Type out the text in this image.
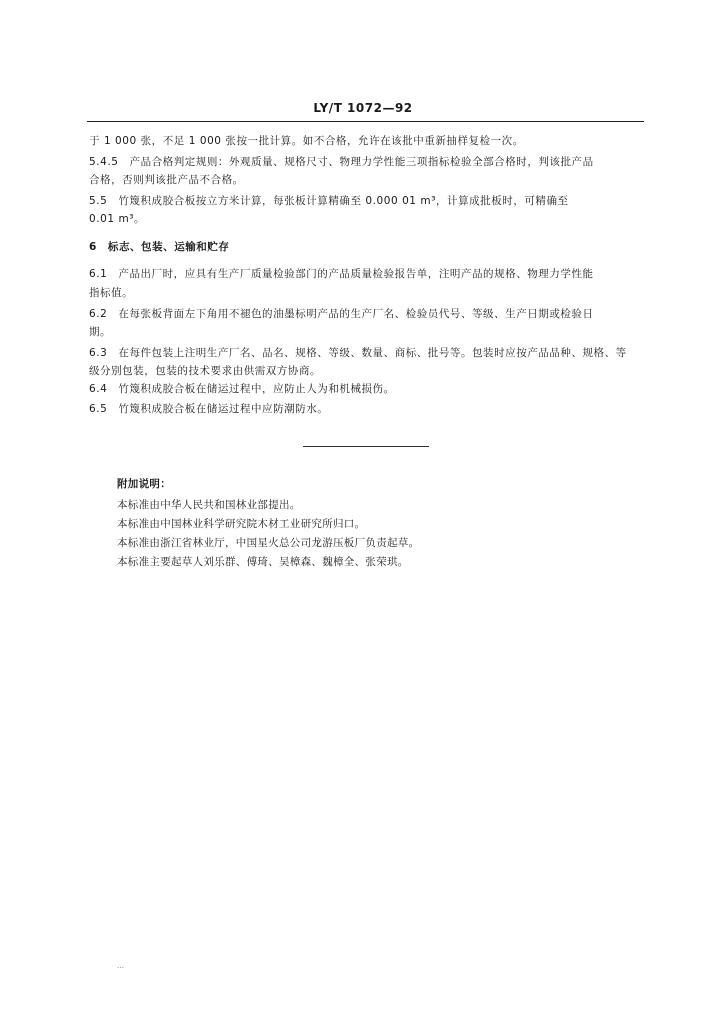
LY/T 1072—92
于 1 000 张，不足 1 000 张按一批计算。如不合格，允许在该批中重新抽样复检一次。
5.4.5　产品合格判定规则：外观质量、规格尺寸、物理力学性能三项指标检验全部合格时，判该批产品
合格，否则判该批产品不合格。
5.5　竹篾积成胶合板按立方米计算，每张板计算精确至 0.000 01 m³，计算成批板时，可精确至
0.01 m³。
6　标志、包装、运输和贮存
6.1　产品出厂时，应具有生产厂质量检验部门的产品质量检验报告单，注明产品的规格、物理力学性能
指标值。
6.2　在每张板背面左下角用不褪色的油墨标明产品的生产厂名、检验员代号、等级、生产日期或检验日
期。
6.3　在每件包装上注明生产厂名、品名、规格、等级、数量、商标、批号等。包装时应按产品品种、规格、等
级分别包装，包装的技术要求由供需双方协商。
6.4　竹篾积成胶合板在储运过程中，应防止人为和机械损伤。
6.5　竹篾积成胶合板在储运过程中应防潮防水。
附加说明：
本标准由中华人民共和国林业部提出。
本标准由中国林业科学研究院木材工业研究所归口。
本标准由浙江省林业厅，中国星火总公司龙游压板厂负责起草。
本标准主要起草人刘乐群、傅琦、吴樟森、魏樟全、张荣珙。
…
